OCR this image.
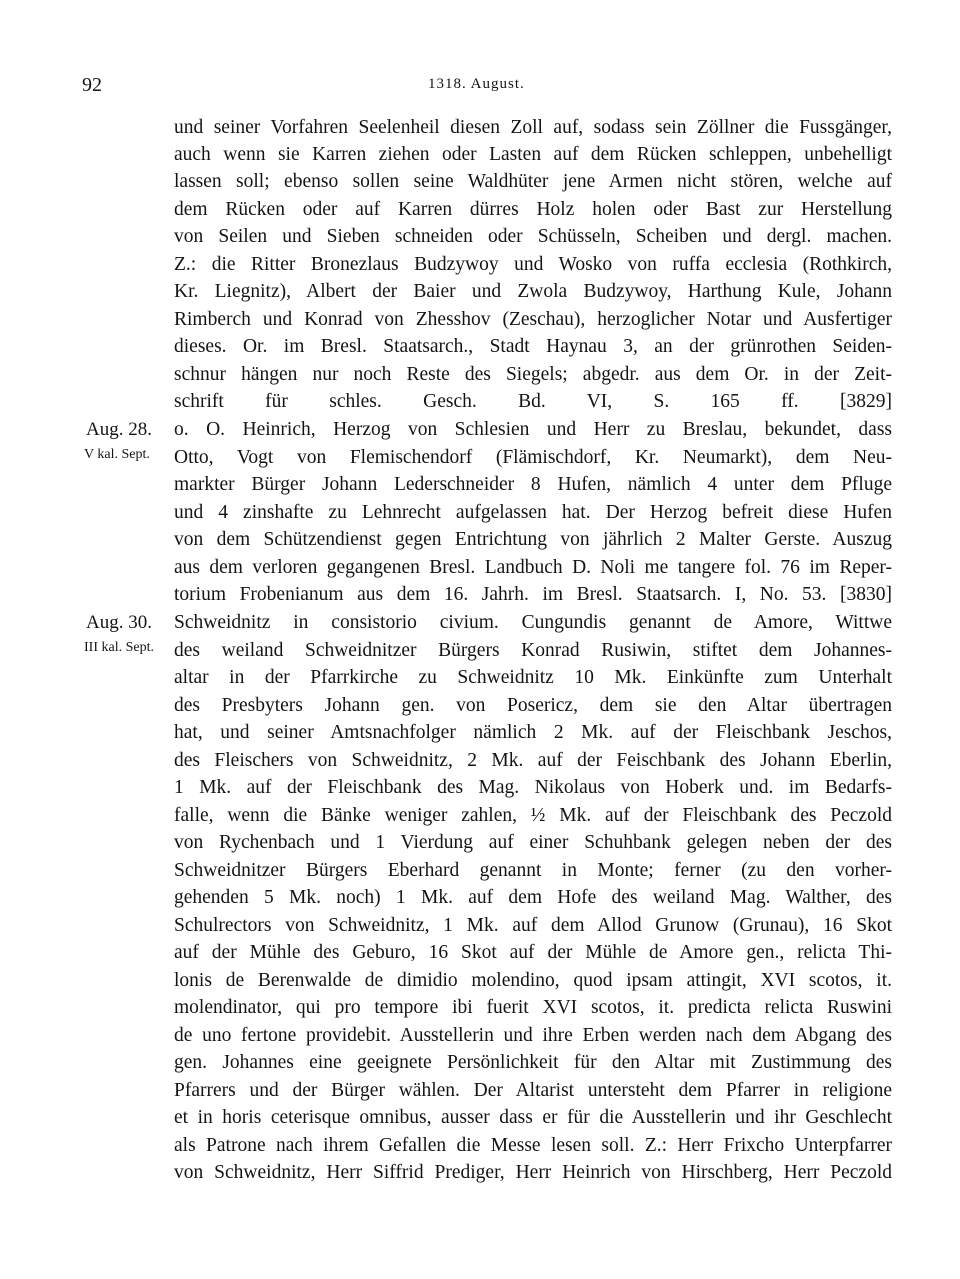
92	1318. August.
und seiner Vorfahren Seelenheil diesen Zoll auf, sodass sein Zöllner die Fussgänger,
auch wenn sie Karren ziehen oder Lasten auf dem Rücken schleppen, unbehelligt
lassen soll; ebenso sollen seine Waldhüter jene Armen nicht stören, welche auf
dem Rücken oder auf Karren dürres Holz holen oder Bast zur Herstellung
von Seilen und Sieben schneiden oder Schüsseln, Scheiben und dergl. machen.
Z.: die Ritter Bronezlaus Budzywoy und Wosko von ruffa ecclesia (Rothkirch,
Kr. Liegnitz), Albert der Baier und Zwola Budzywoy, Harthung Kule, Johann
Rimberch und Konrad von Zhesshov (Zeschau), herzoglicher Notar und Ausfertiger
dieses. Or. im Bresl. Staatsarch., Stadt Haynau 3, an der grünrothen Seiden-
schnur hängen nur noch Reste des Siegels; abgedr. aus dem Or. in der Zeit-
schrift für schles. Gesch. Bd. VI, S. 165 ff. [3829]
Aug. 28.
V kal. Sept.
o. O. Heinrich, Herzog von Schlesien und Herr zu Breslau, bekundet, dass
Otto, Vogt von Flemischendorf (Flämischdorf, Kr. Neumarkt), dem Neu-
markter Bürger Johann Lederschneider 8 Hufen, nämlich 4 unter dem Pfluge
und 4 zinshafte zu Lehnrecht aufgelassen hat. Der Herzog befreit diese Hufen
von dem Schützendienst gegen Entrichtung von jährlich 2 Malter Gerste. Auszug
aus dem verloren gegangenen Bresl. Landbuch D. Noli me tangere fol. 76 im Reper-
torium Frobenianum aus dem 16. Jahrh. im Bresl. Staatsarch. I, No. 53. [3830]
Aug. 30.
III kal. Sept.
Schweidnitz in consistorio civium. Cungundis genannt de Amore, Wittwe
des weiland Schweidnitzer Bürgers Konrad Rusiwin, stiftet dem Johannes-
altar in der Pfarrkirche zu Schweidnitz 10 Mk. Einkünfte zum Unterhalt
des Presbyters Johann gen. von Posericz, dem sie den Altar übertragen
hat, und seiner Amtsnachfolger nämlich 2 Mk. auf der Fleischbank Jeschos,
des Fleischers von Schweidnitz, 2 Mk. auf der Feischbank des Johann Eberlin,
1 Mk. auf der Fleischbank des Mag. Nikolaus von Hoberk und. im Bedarfs-
falle, wenn die Bänke weniger zahlen, ½ Mk. auf der Fleischbank des Peczold
von Rychenbach und 1 Vierdung auf einer Schuhbank gelegen neben der des
Schweidnitzer Bürgers Eberhard genannt in Monte; ferner (zu den vorher-
gehenden 5 Mk. noch) 1 Mk. auf dem Hofe des weiland Mag. Walther, des
Schulrectors von Schweidnitz, 1 Mk. auf dem Allod Grunow (Grunau), 16 Skot
auf der Mühle des Geburo, 16 Skot auf der Mühle de Amore gen., relicta Thi-
lonis de Berenwalde de dimidio molendino, quod ipsam attingit, XVI scotos, it.
molendinator, qui pro tempore ibi fuerit XVI scotos, it. predicta relicta Ruswini
de uno fertone providebit. Ausstellerin und ihre Erben werden nach dem Abgang des
gen. Johannes eine geeignete Persönlichkeit für den Altar mit Zustimmung des
Pfarrers und der Bürger wählen. Der Altarist untersteht dem Pfarrer in religione
et in horis ceterisque omnibus, ausser dass er für die Ausstellerin und ihr Geschlecht
als Patrone nach ihrem Gefallen die Messe lesen soll. Z.: Herr Frixcho Unterpfarrer
von Schweidnitz, Herr Siffrid Prediger, Herr Heinrich von Hirschberg, Herr Peczold
